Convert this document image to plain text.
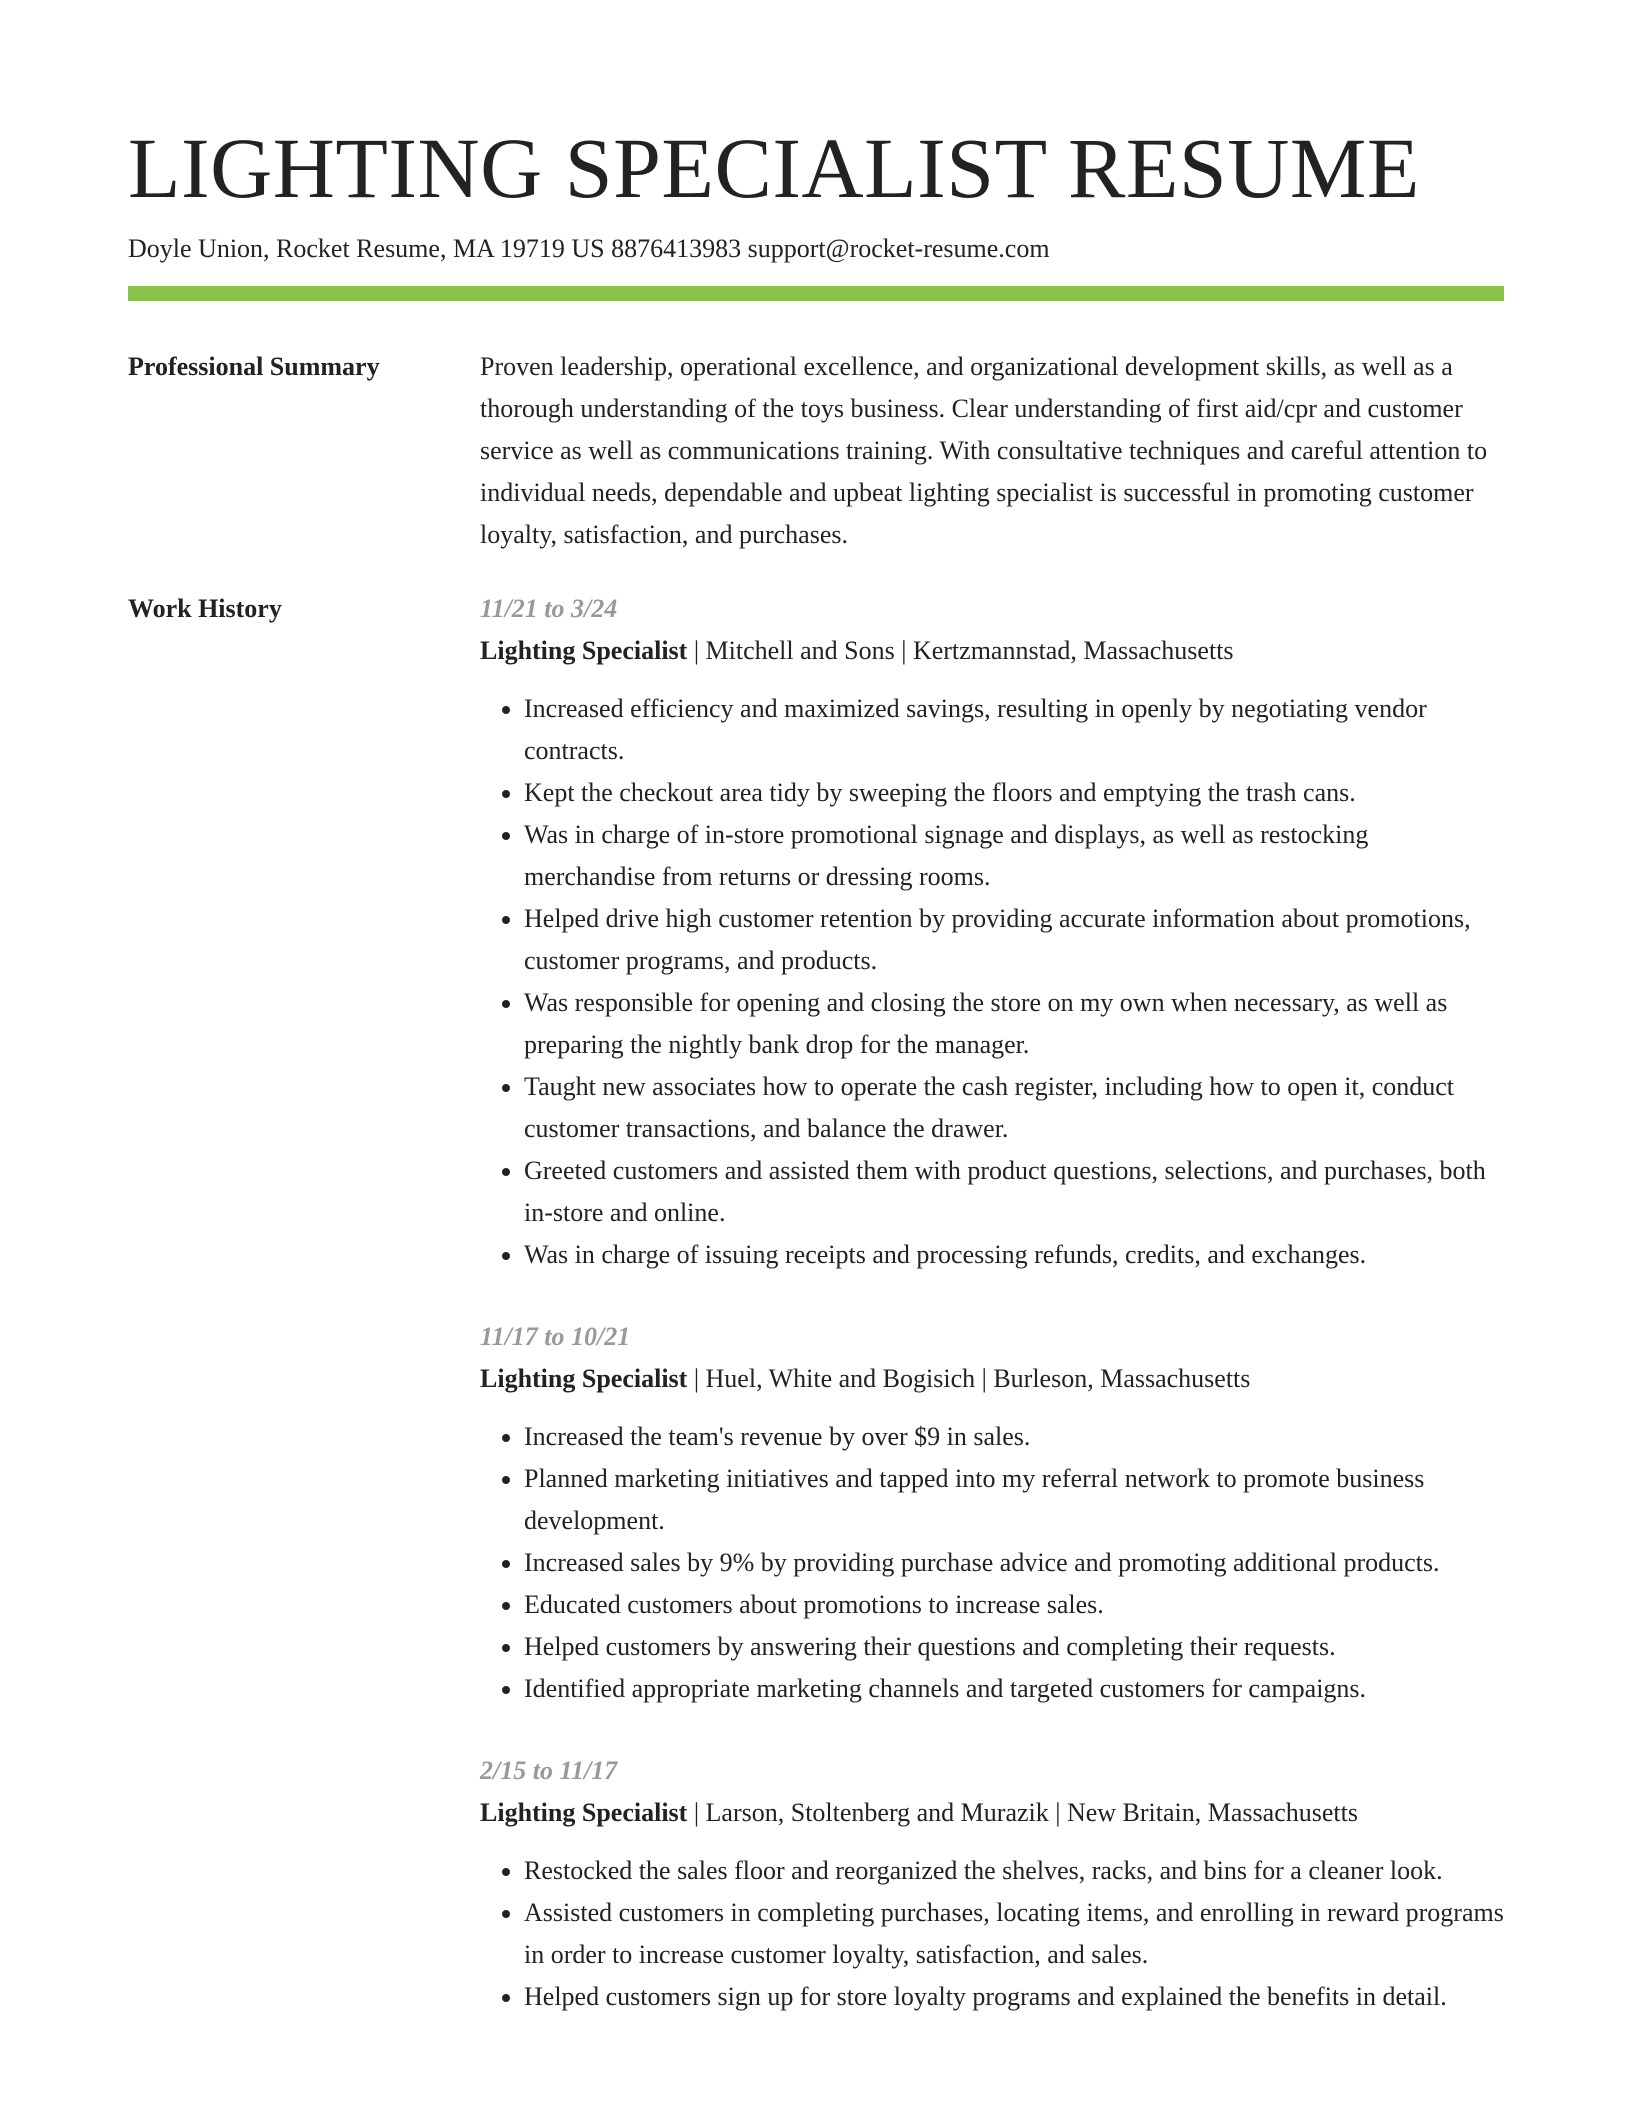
LIGHTING SPECIALIST RESUME
Doyle Union, Rocket Resume, MA 19719 US 8876413983 support@rocket-resume.com
Professional Summary	Proven leadership, operational excellence, and organizational development skills, as well as a thorough understanding of the toys business. Clear understanding of first aid/cpr and customer service as well as communications training. With consultative techniques and careful attention to individual needs, dependable and upbeat lighting specialist is successful in promoting customer loyalty, satisfaction, and purchases.

Work History	11/21 to 3/24
Lighting Specialist | Mitchell and Sons | Kertzmannstad, Massachusetts
• Increased efficiency and maximized savings, resulting in openly by negotiating vendor contracts.
• Kept the checkout area tidy by sweeping the floors and emptying the trash cans.
• Was in charge of in-store promotional signage and displays, as well as restocking merchandise from returns or dressing rooms.
• Helped drive high customer retention by providing accurate information about promotions, customer programs, and products.
• Was responsible for opening and closing the store on my own when necessary, as well as preparing the nightly bank drop for the manager.
• Taught new associates how to operate the cash register, including how to open it, conduct customer transactions, and balance the drawer.
• Greeted customers and assisted them with product questions, selections, and purchases, both in-store and online.
• Was in charge of issuing receipts and processing refunds, credits, and exchanges.
11/17 to 10/21
Lighting Specialist | Huel, White and Bogisich | Burleson, Massachusetts
• Increased the team's revenue by over $9 in sales.
• Planned marketing initiatives and tapped into my referral network to promote business development.
• Increased sales by 9% by providing purchase advice and promoting additional products.
• Educated customers about promotions to increase sales.
• Helped customers by answering their questions and completing their requests.
• Identified appropriate marketing channels and targeted customers for campaigns.
2/15 to 11/17
Lighting Specialist | Larson, Stoltenberg and Murazik | New Britain, Massachusetts
• Restocked the sales floor and reorganized the shelves, racks, and bins for a cleaner look.
• Assisted customers in completing purchases, locating items, and enrolling in reward programs in order to increase customer loyalty, satisfaction, and sales.
• Helped customers sign up for store loyalty programs and explained the benefits in detail.
